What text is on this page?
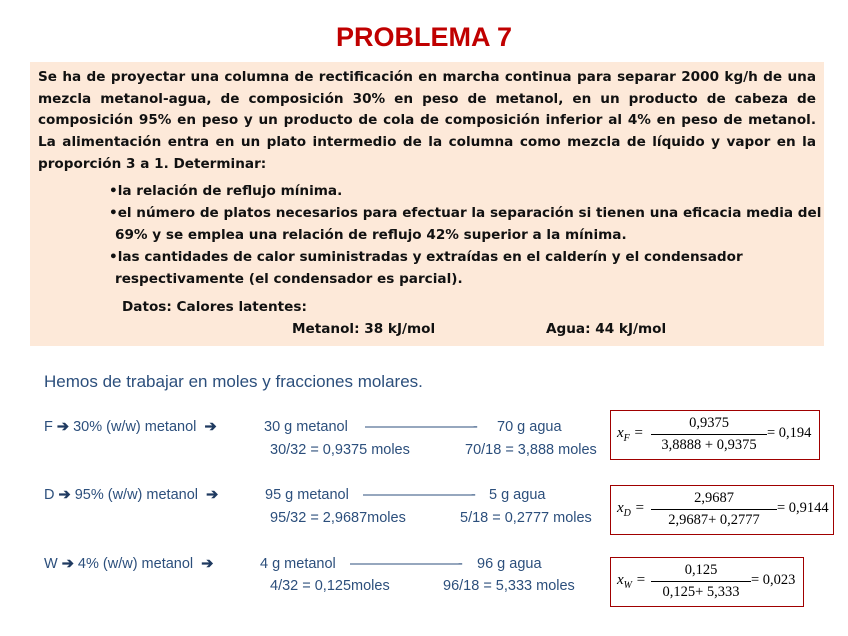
PROBLEMA 7
Se ha de proyectar una columna de rectificación en marcha continua para separar 2000 kg/h de una mezcla metanol-agua, de composición 30% en peso de metanol, en un producto de cabeza de composición 95% en peso y un producto de cola de composición inferior al 4% en peso de metanol. La alimentación entra en un plato intermedio de la columna como mezcla de líquido y vapor en la proporción 3 a 1. Determinar:
•la relación de reflujo mínima.
•el número de platos necesarios para efectuar la separación si tienen una eficacia media del
69% y se emplea una relación de reflujo 42% superior a la mínima.
•las cantidades de calor suministradas y extraídas en el calderín y el condensador
respectivamente (el condensador es parcial).
Datos: Calores latentes:
Metanol: 38 kJ/mol	Agua: 44 kJ/mol
Hemos de trabajar en moles y fracciones molares.
F ➔ 30% (w/w) metanol ➔	30 g metanol ————————- 70 g agua
30/32 = 0,9375 moles	70/18 = 3,888 moles
$x_F$ =
0,9375
3,8888 + 0,9375
= 0,194
D ➔ 95% (w/w) metanol ➔	95 g metanol ————————- 5 g agua
95/32 = 2,9687moles	5/18 = 0,2777 moles
$x_D$ =
2,9687
2,9687+ 0,2777
= 0,9144
W ➔ 4% (w/w) metanol ➔	4 g metanol ————————- 96 g agua
4/32 = 0,125moles	96/18 = 5,333 moles	$x_W$ =
0,125
0,125+ 5,333
= 0,023
